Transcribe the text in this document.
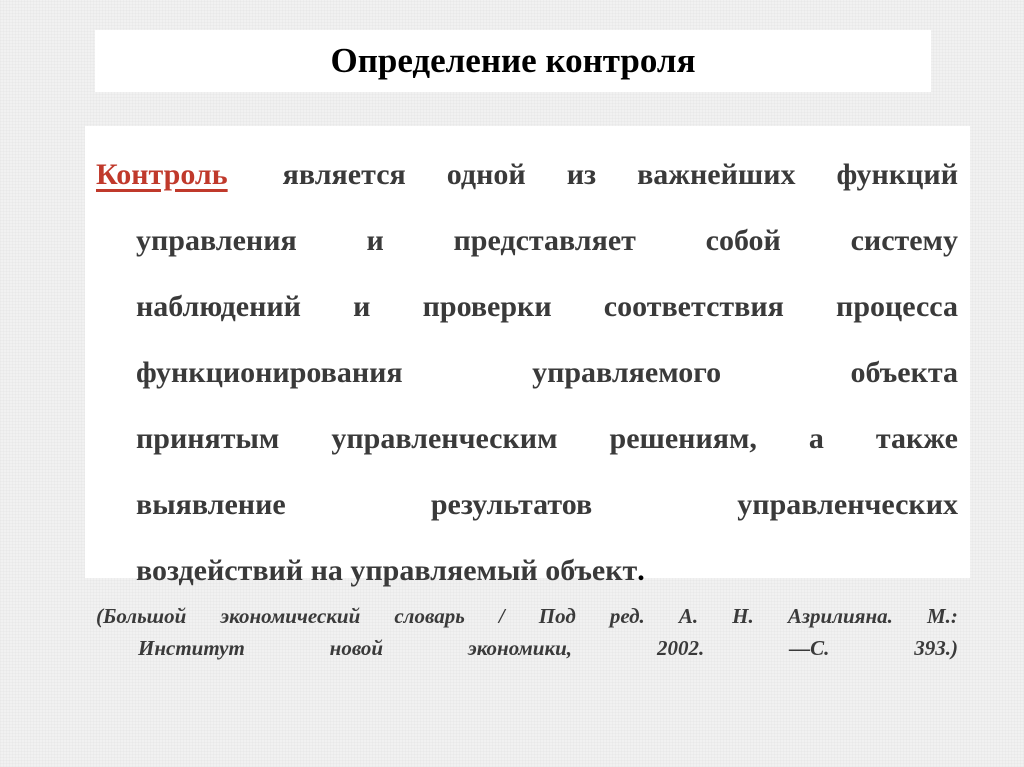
Определение контроля
Контроль	является одной из важнейших функций
управления и представляет собой систему
наблюдений и проверки соответствия процесса
функционирования	управляемого	объекта
принятым управленческим решениям, а также
выявление	результатов	управленческих
воздействий на управляемый объект .
(Большой экономический словарь / Под ред. А. Н. Азрилияна. М.:
Институт	новой	экономики,	2002.	—С.	393.)
